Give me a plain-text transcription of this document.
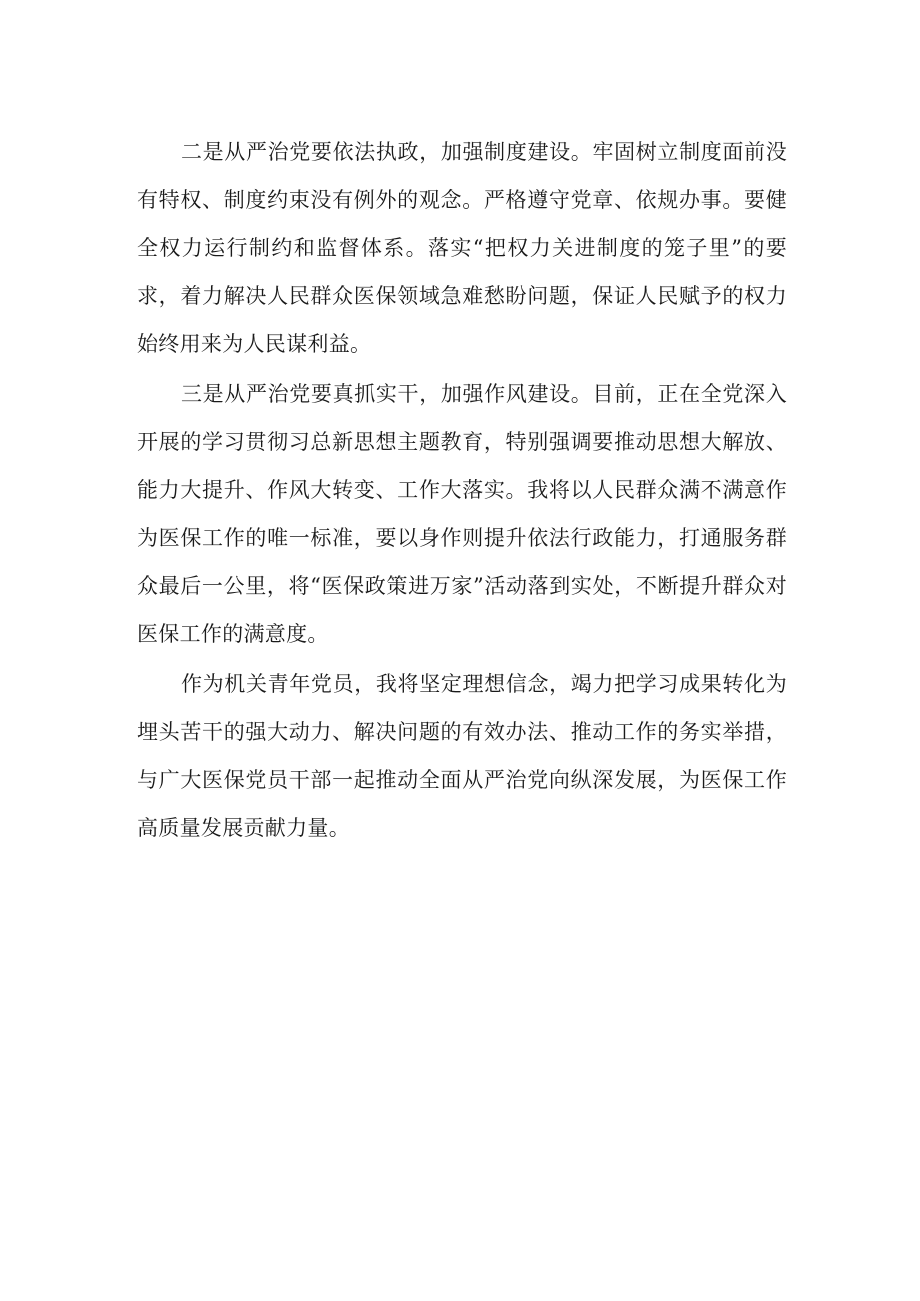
二是从严治党要依法执政，加强制度建设。牢固树立制度面前没有特权、制度约束没有例外的观念。严格遵守党章、依规办事。要健全权力运行制约和监督体系。落实“把权力关进制度的笼子里”的要求，着力解决人民群众医保领域急难愁盼问题，保证人民赋予的权力始终用来为人民谋利益。

三是从严治党要真抓实干，加强作风建设。目前，正在全党深入开展的学习贯彻习总新思想主题教育，特别强调要推动思想大解放、能力大提升、作风大转变、工作大落实。我将以人民群众满不满意作为医保工作的唯一标准，要以身作则提升依法行政能力，打通服务群众最后一公里，将“医保政策进万家”活动落到实处，不断提升群众对医保工作的满意度。

作为机关青年党员，我将坚定理想信念，竭力把学习成果转化为埋头苦干的强大动力、解决问题的有效办法、推动工作的务实举措，与广大医保党员干部一起推动全面从严治党向纵深发展，为医保工作高质量发展贡献力量。
